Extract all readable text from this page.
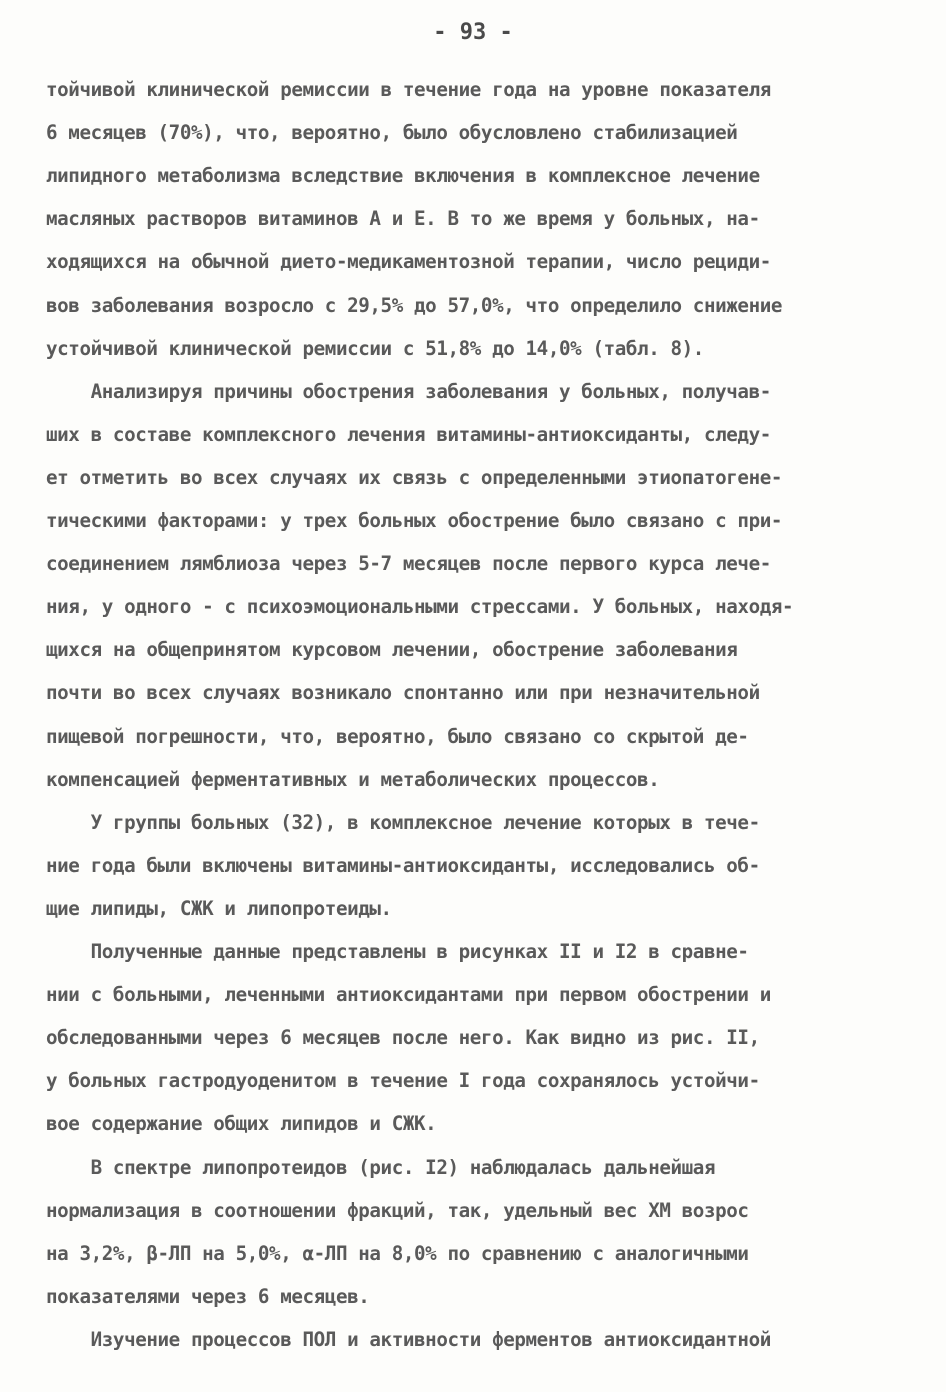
- 93 -
тойчивой клинической ремиссии в течение года на уровне показателя
6 месяцев (70%), что, вероятно, было обусловлено стабилизацией
липидного метаболизма вследствие включения в комплексное лечение
масляных растворов витаминов А и Е. В то же время у больных, на-
ходящихся на обычной дието-медикаментозной терапии, число рециди-
вов заболевания возросло с 29,5% до 57,0%, что определило снижение
устойчивой клинической ремиссии с 51,8% до 14,0% (табл. 8).
Анализируя причины обострения заболевания у больных, получав-
ших в составе комплексного лечения витамины-антиоксиданты, следу-
ет отметить во всех случаях их связь с определенными этиопатогене-
тическими факторами: у трех больных обострение было связано с при-
соединением лямблиоза через 5-7 месяцев после первого курса лече-
ния, у одного - с психоэмоциональными стрессами. У больных, находя-
щихся на общепринятом курсовом лечении, обострение заболевания
почти во всех случаях возникало спонтанно или при незначительной
пищевой погрешности, что, вероятно, было связано со скрытой де-
компенсацией ферментативных и метаболических процессов.
У группы больных (32), в комплексное лечение которых в тече-
ние года были включены витамины-антиоксиданты, исследовались об-
щие липиды, СЖК и липопротеиды.
Полученные данные представлены в рисунках II и I2 в сравне-
нии с больными, леченными антиоксидантами при первом обострении и
обследованными через 6 месяцев после него. Как видно из рис. II,
у больных гастродуоденитом в течение I года сохранялось устойчи-
вое содержание общих липидов и СЖК.
В спектре липопротеидов (рис. I2) наблюдалась дальнейшая
нормализация в соотношении фракций, так, удельный вес ХМ возрос
на 3,2%, β-ЛП на 5,0%, α-ЛП на 8,0% по сравнению с аналогичными
показателями через 6 месяцев.
Изучение процессов ПОЛ и активности ферментов антиоксидантной
